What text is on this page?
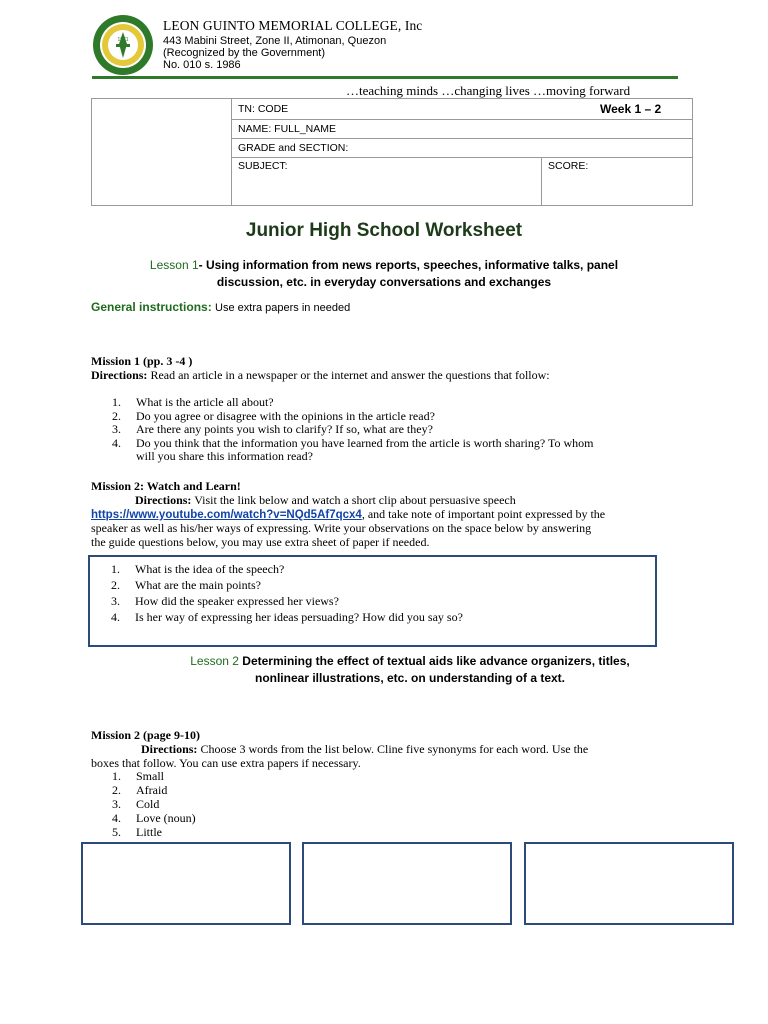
1971
LEON GUINTO MEMORIAL COLLEGE, Inc
443 Mabini Street, Zone II, Atimonan, Quezon
(Recognized by the Government)
No. 010 s. 1986
…teaching minds …changing lives …moving forward
TN: CODE	Week 1 – 2
NAME: FULL_NAME
GRADE and SECTION:
SUBJECT:	SCORE:
Junior High School Worksheet
Lesson 1- Using information from news reports, speeches, informative talks, panel
discussion, etc. in everyday conversations and exchanges
General instructions: Use extra papers in needed
Mission 1 (pp. 3 -4 )
Directions: Read an article in a newspaper or the internet and answer the questions that follow:
1. What is the article all about?
2. Do you agree or disagree with the opinions in the article read?
3. Are there any points you wish to clarify? If so, what are they?
4. Do you think that the information you have learned from the article is worth sharing? To whom
will you share this information read?
Mission 2: Watch and Learn!
Directions: Visit the link below and watch a short clip about persuasive speech
https://www.youtube.com/watch?v=NQd5Af7qcx4, and take note of important point expressed by the
speaker as well as his/her ways of expressing. Write your observations on the space below by answering
the guide questions below, you may use extra sheet of paper if needed.
1. What is the idea of the speech?
2. What are the main points?
3. How did the speaker expressed her views?
4. Is her way of expressing her ideas persuading? How did you say so?
Lesson 2 Determining the effect of textual aids like advance organizers, titles,
nonlinear illustrations, etc. on understanding of a text.
Mission 2 (page 9-10)
Directions: Choose 3 words from the list below. Cline five synonyms for each word. Use the
boxes that follow. You can use extra papers if necessary.
1. Small
2. Afraid
3. Cold
4. Love (noun)
5. Little
